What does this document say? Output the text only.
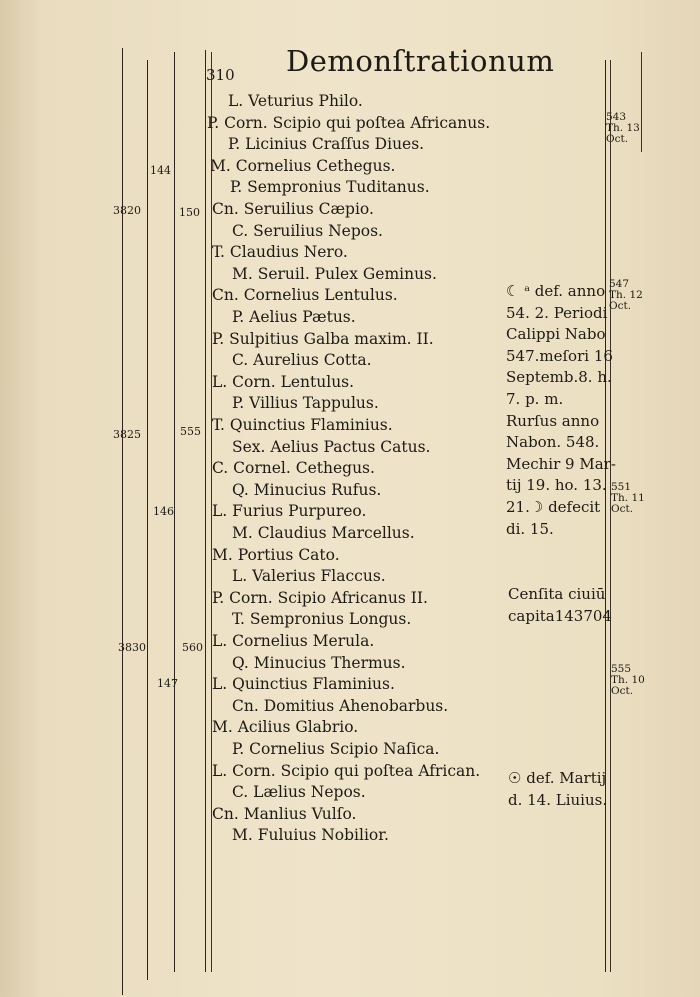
310 Demonſtrationum
3820
3825
3830
144
146
147
150
555
560
L. Veturius Philo.
P. Corn. Scipio qui poſtea Africanus.
P. Licinius Craſſus Diues.
M. Cornelius Cethegus.
P. Sempronius Tuditanus.
Cn. Seruilius Cæpio.
C. Seruilius Nepos.
T. Claudius Nero.
M. Seruil. Pulex Geminus.
Cn. Cornelius Lentulus.
P. Aelius Pætus.
P. Sulpitius Galba maxim. II.
C. Aurelius Cotta.
L. Corn. Lentulus.
P. Villius Tappulus.
T. Quinctius Flaminius.
Sex. Aelius Pactus Catus.
C. Cornel. Cethegus.
Q. Minucius Rufus.
L. Furius Purpureo.
M. Claudius Marcellus.
M. Portius Cato.
L. Valerius Flaccus.
P. Corn. Scipio Africanus II.
T. Sempronius Longus.
L. Cornelius Merula.
Q. Minucius Thermus.
L. Quinctius Flaminius.
Cn. Domitius Ahenobarbus.
M. Acilius Glabrio.
P. Cornelius Scipio Naſica.
L. Corn. Scipio qui poſtea African.
C. Lælius Nepos.
Cn. Manlius Vulſo.
M. Fuluius Nobilior.
☾ ᵃ def. anno
54. 2. Periodi
Calippi Nabo
547.meſori 16
Septemb.8. h.
7. p. m.
Rurſus anno
Nabon. 548.
Mechir 9 Mar-
tij 19. ho. 13.
21.☽ defecit
di. 15.
Cenſita ciuiū
capita143704
☉ def. Martij
d. 14. Liuius.
543
Th. 13
Oct.
547
Th. 12
Oct.
551
Th. 11
Oct.
555
Th. 10
Oct.
